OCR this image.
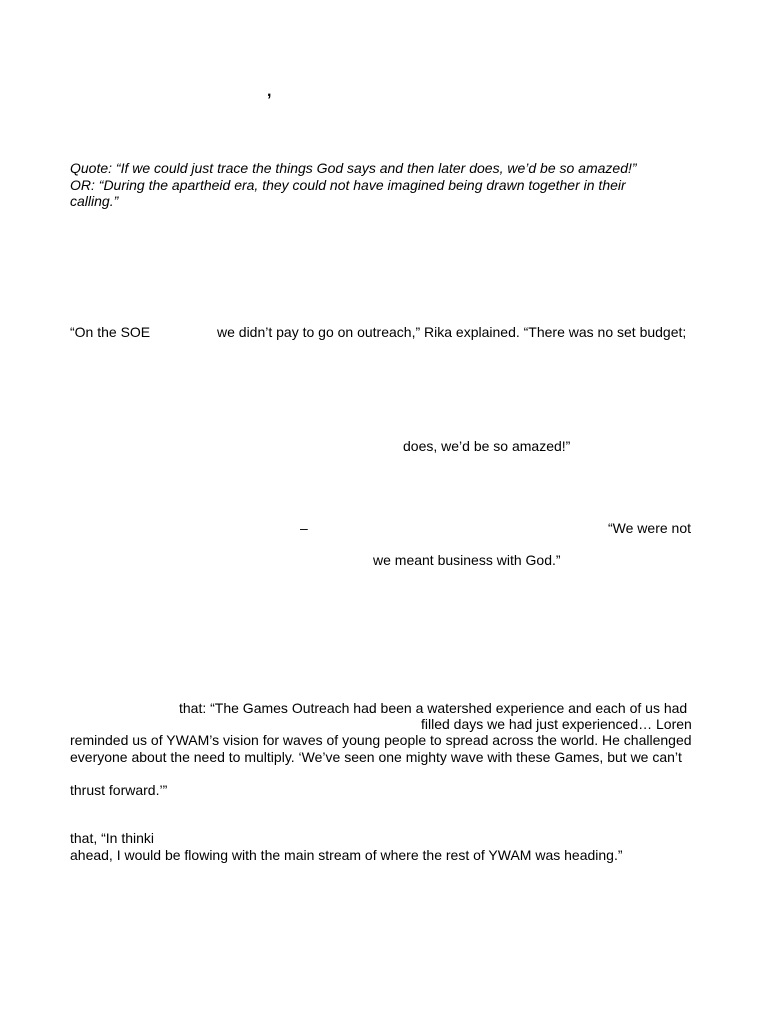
,
Quote: “If we could just trace the things God says and then later does, we’d be so amazed!”
OR: “During the apartheid era, they could not have imagined being drawn together in their
calling.”
“On the SOE	we didn’t pay to go on outreach,” Rika explained. “There was no set budget;
does, we’d be so amazed!”
–	“We were not
we meant business with God.”
that: “The Games Outreach had been a watershed experience and each of us had
filled days we had just experienced… Loren
reminded us of YWAM’s vision for waves of young people to spread across the world. He challenged
everyone about the need to multiply. ‘We’ve seen one mighty wave with these Games, but we can’t
thrust forward.’”
that, “In thinki
ahead, I would be flowing with the main stream of where the rest of YWAM was heading.”
